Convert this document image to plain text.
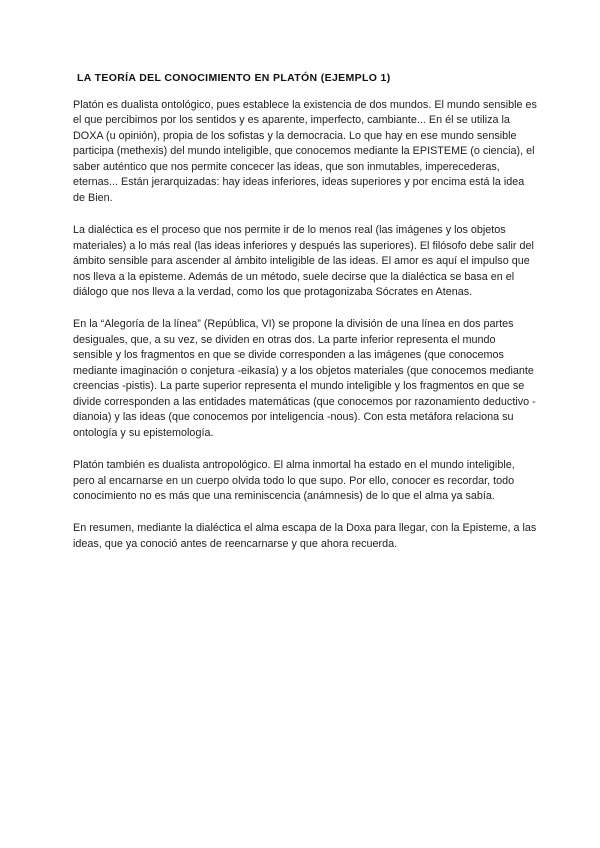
LA TEORÍA DEL CONOCIMIENTO EN PLATÓN (EJEMPLO 1)

Platón es dualista ontológico, pues establece la existencia de dos mundos. El mundo sensible es el que percibimos por los sentidos y es aparente, imperfecto, cambiante... En él se utiliza la DOXA (u opinión), propia de los sofistas y la democracia. Lo que hay en ese mundo sensible participa (methexis) del mundo inteligible, que conocemos mediante la EPISTEME (o ciencia), el saber auténtico que nos permite concecer las ideas, que son inmutables, imperecederas, eternas... Están jerarquizadas: hay ideas inferiores, ideas superiores y por encima está la idea de Bien.

La dialéctica es el proceso que nos permite ir de lo menos real (las imágenes y los objetos materiales) a lo más real (las ideas inferiores y después las superiores). El filósofo debe salir del ámbito sensible para ascender al ámbito inteligible de las ideas. El amor es aquí el impulso que nos lleva a la episteme. Además de un método, suele decirse que la dialéctica se basa en el diálogo que nos lleva a la verdad, como los que protagonizaba Sócrates en Atenas.

En la “Alegoría de la línea” (República, VI) se propone la división de una línea en dos partes desiguales, que, a su vez, se dividen en otras dos. La parte inferior representa el mundo sensible y los fragmentos en que se divide corresponden a las imágenes (que conocemos mediante imaginación o conjetura -eikasía) y a los objetos materiales (que conocemos mediante creencias -pistis). La parte superior representa el mundo inteligible y los fragmentos en que se divide corresponden a las entidades matemáticas (que conocemos por razonamiento deductivo -dianoia) y las ideas (que conocemos por inteligencia -nous). Con esta metáfora relaciona su ontología y su epistemología.

Platón también es dualista antropológico. El alma inmortal ha estado en el mundo inteligible, pero al encarnarse en un cuerpo olvida todo lo que supo. Por ello, conocer es recordar, todo conocimiento no es más que una reminiscencia (anámnesis) de lo que el alma ya sabía.

En resumen, mediante la dialéctica el alma escapa de la Doxa para llegar, con la Episteme, a las ideas, que ya conoció antes de reencarnarse y que ahora recuerda.
